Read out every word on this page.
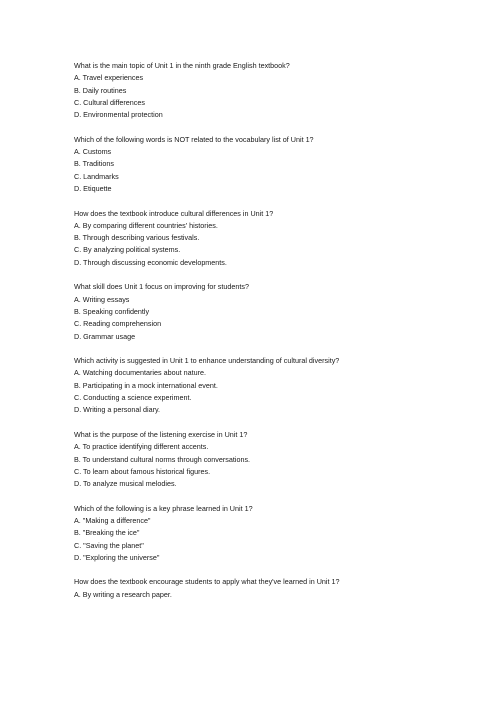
What is the main topic of Unit 1 in the ninth grade English textbook?
A. Travel experiences
B. Daily routines
C. Cultural differences
D. Environmental protection
Which of the following words is NOT related to the vocabulary list of Unit 1?
A. Customs
B. Traditions
C. Landmarks
D. Etiquette
How does the textbook introduce cultural differences in Unit 1?
A. By comparing different countries' histories.
B. Through describing various festivals.
C. By analyzing political systems.
D. Through discussing economic developments.
What skill does Unit 1 focus on improving for students?
A. Writing essays
B. Speaking confidently
C. Reading comprehension
D. Grammar usage
Which activity is suggested in Unit 1 to enhance understanding of cultural diversity?
A. Watching documentaries about nature.
B. Participating in a mock international event.
C. Conducting a science experiment.
D. Writing a personal diary.
What is the purpose of the listening exercise in Unit 1?
A. To practice identifying different accents.
B. To understand cultural norms through conversations.
C. To learn about famous historical figures.
D. To analyze musical melodies.
Which of the following is a key phrase learned in Unit 1?
A. "Making a difference"
B. "Breaking the ice"
C. "Saving the planet"
D. "Exploring the universe"
How does the textbook encourage students to apply what they've learned in Unit 1?
A. By writing a research paper.
